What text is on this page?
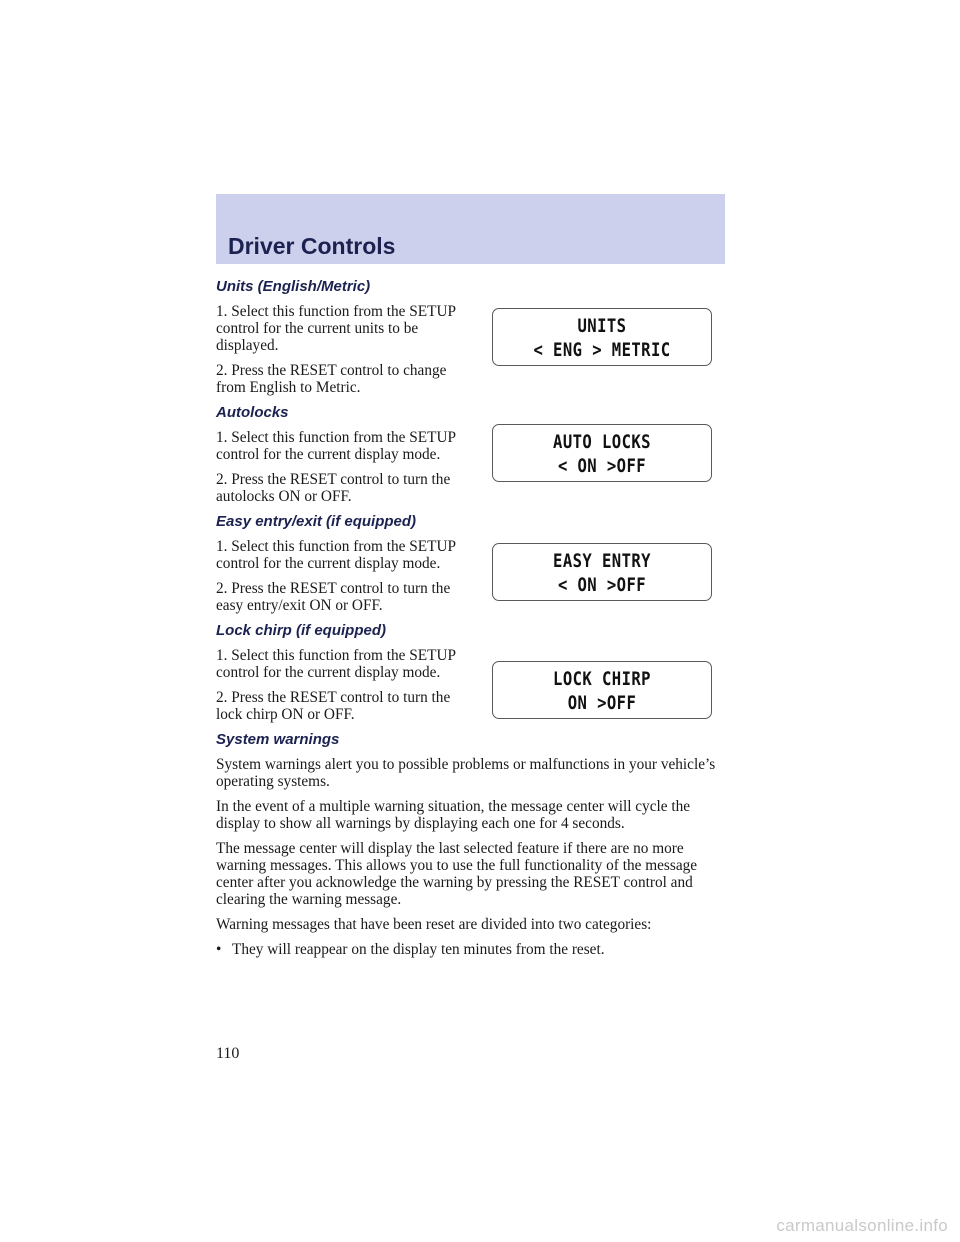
Driver Controls
Units (English/Metric)

1. Select this function from the SETUP control for the current units to be displayed.

2. Press the RESET control to change from English to Metric.

Autolocks

1. Select this function from the SETUP control for the current display mode.

2. Press the RESET control to turn the autolocks ON or OFF.

Easy entry/exit (if equipped)

1. Select this function from the SETUP control for the current display mode.

2. Press the RESET control to turn the easy entry/exit ON or OFF.

Lock chirp (if equipped)

1. Select this function from the SETUP control for the current display mode.

2. Press the RESET control to turn the lock chirp ON or OFF.

System warnings

System warnings alert you to possible problems or malfunctions in your vehicle’s operating systems.

In the event of a multiple warning situation, the message center will cycle the display to show all warnings by displaying each one for 4 seconds.

The message center will display the last selected feature if there are no more warning messages. This allows you to use the full functionality of the message center after you acknowledge the warning by pressing the RESET control and clearing the warning message.

Warning messages that have been reset are divided into two categories:

• They will reappear on the display ten minutes from the reset.
UNITS
< ENG > METRIC
AUTO LOCKS
< ON >OFF
EASY ENTRY
< ON >OFF
LOCK CHIRP
ON >OFF
110
carmanualsonline.info
